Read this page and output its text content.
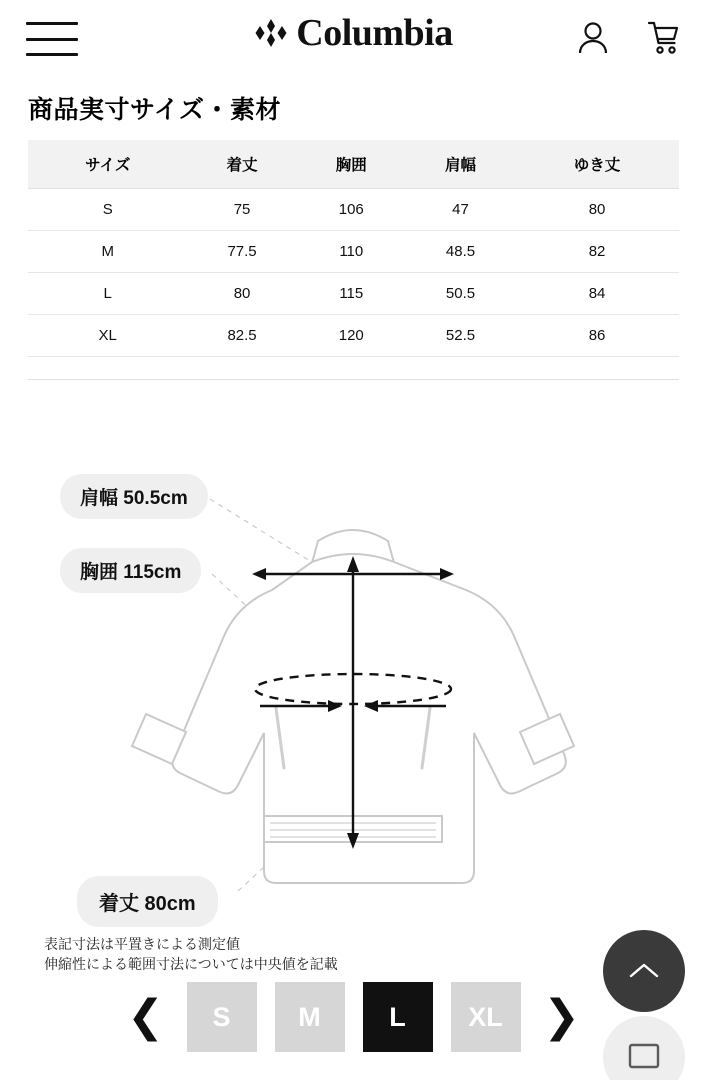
Columbia
商品実寸サイズ・素材
サイズ	着丈	胸囲	肩幅	ゆき丈
S	75	106	47	80
M	77.5	110	48.5	82
L	80	115	50.5	84
XL	82.5	120	52.5	86
肩幅 50.5cm
胸囲 115cm
着丈 80cm
表記寸法は平置きによる測定値
伸縮性による範囲寸法については中央値を記載
❮	S	M	L	XL ❯
